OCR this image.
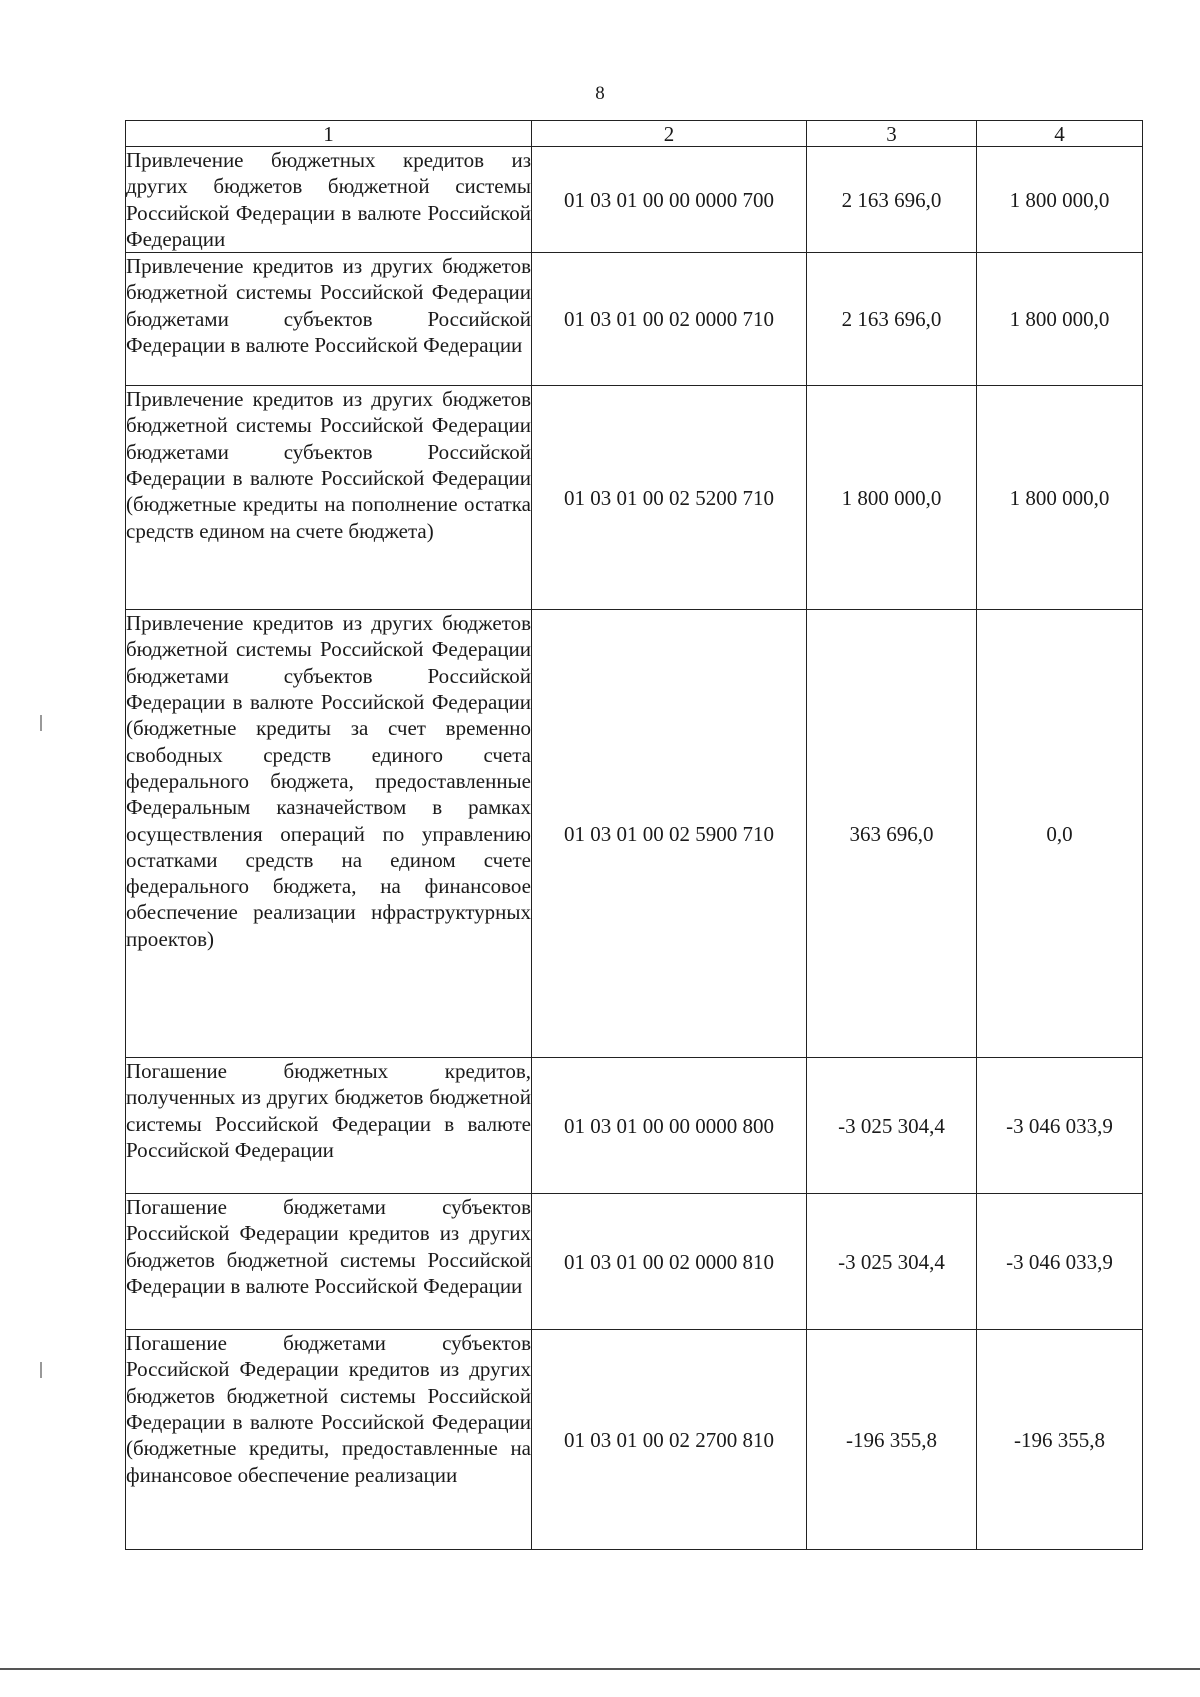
8
1	2	3	4
Привлечение бюджетных кредитов из других бюджетов бюджетной системы Российской Федерации в валюте Российской Федерации	01 03 01 00 00 0000 700	2 163 696,0	1 800 000,0
Привлечение кредитов из других бюджетов бюджетной системы Российской Федерации бюджетами субъектов Российской Федерации в валюте Российской Федерации	01 03 01 00 02 0000 710	2 163 696,0	1 800 000,0
Привлечение кредитов из других бюджетов бюджетной системы Российской Федерации бюджетами субъектов Российской Федерации в валюте Российской Федерации (бюджетные кредиты на пополнение остатка средств едином на счете бюджета)	01 03 01 00 02 5200 710	1 800 000,0	1 800 000,0
Привлечение кредитов из других бюджетов бюджетной системы Российской Федерации бюджетами субъектов Российской Федерации в валюте Российской Федерации (бюджетные кредиты за счет временно свободных средств единого счета федерального бюджета, предоставленные Федеральным казначейством в рамках осуществления операций по управлению остатками средств на едином счете федерального бюджета, на финансовое обеспечение реализации нфраструктурных проектов)	01 03 01 00 02 5900 710	363 696,0	0,0
Погашение бюджетных кредитов, полученных из других бюджетов бюджетной системы Российской Федерации в валюте Российской Федерации	01 03 01 00 00 0000 800	-3 025 304,4	-3 046 033,9
Погашение бюджетами субъектов Российской Федерации кредитов из других бюджетов бюджетной системы Российской Федерации в валюте Российской Федерации	01 03 01 00 02 0000 810	-3 025 304,4	-3 046 033,9
Погашение бюджетами субъектов Российской Федерации кредитов из других бюджетов бюджетной системы Российской Федерации в валюте Российской Федерации (бюджетные кредиты, предоставленные на финансовое обеспечение реализации	01 03 01 00 02 2700 810	-196 355,8	-196 355,8
